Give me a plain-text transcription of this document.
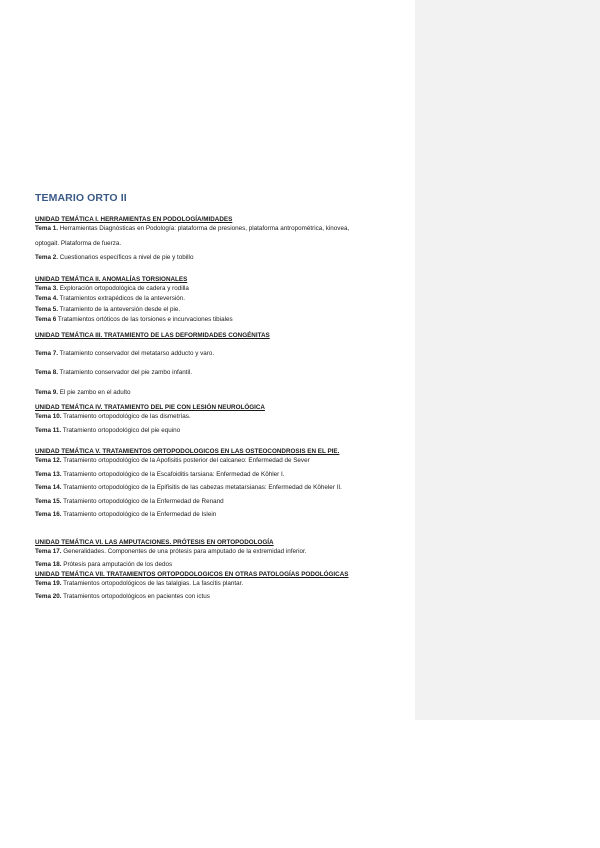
TEMARIO ORTO II
UNIDAD TEMÁTICA I. HERRAMIENTAS EN PODOLOGÍA/MIDADES
Tema 1. Herramientas Diagnósticas en Podología: plataforma de presiones, plataforma antropométrica, kinovea,
optogait. Plataforma de fuerza.
Tema 2. Cuestionarios específicos a nivel de pie y tobillo
UNIDAD TEMÁTICA II. ANOMALÍAS TORSIONALES
Tema 3. Exploración ortopodológica de cadera y rodilla
Tema 4. Tratamientos extrapédicos de la anteversión.
Tema 5. Tratamiento de la anteversión desde el pie.
Tema 6 Tratamientos ortóticos de las torsiones e incurvaciones tibiales
UNIDAD TEMÁTICA III. TRATAMIENTO DE LAS DEFORMIDADES CONGÉNITAS
Tema 7. Tratamiento conservador del metatarso adducto y varo.
Tema 8. Tratamiento conservador del pie zambo infantil.
Tema 9. El pie zambo en el adulto
UNIDAD TEMÁTICA IV. TRATAMIENTO DEL PIE CON LESIÓN NEUROLÓGICA
Tema 10. Tratamiento ortopodológico de las dismetrías.
Tema 11. Tratamiento ortopodológico del pie equino
UNIDAD TEMÁTICA V. TRATAMIENTOS ORTOPODOLOGICOS EN LAS OSTEOCONDROSIS EN EL PIE.
Tema 12. Tratamiento ortopodológico de la Apofisitis posterior del calcaneo: Enfermedad de Sever
Tema 13. Tratamiento ortopodológico de la Escafoiditis tarsiana: Enfermedad de Köhler I.
Tema 14. Tratamiento ortopodológico de la Epifisitis de las cabezas metatarsianas: Enfermedad de Köheler II.
Tema 15. Tratamiento ortopodológico de la Enfermedad de Renand
Tema 16. Tratamiento ortopodológico de la Enfermedad de Islein
UNIDAD TEMÁTICA VI. LAS AMPUTACIONES. PRÓTESIS EN ORTOPODOLOGÍA
Tema 17. Generalidades. Componentes de una prótesis para amputado de la extremidad inferior.
Tema 18. Prótesis para amputación de los dedos
UNIDAD TEMÁTICA VII. TRATAMIENTOS ORTOPODOLOGICOS EN OTRAS PATOLOGÍAS PODOLÓGICAS
Tema 19. Tratamientos ortopodológicos de las talalgias. La fascitis plantar.
Tema 20. Tratamientos ortopodológicos en pacientes con ictus
